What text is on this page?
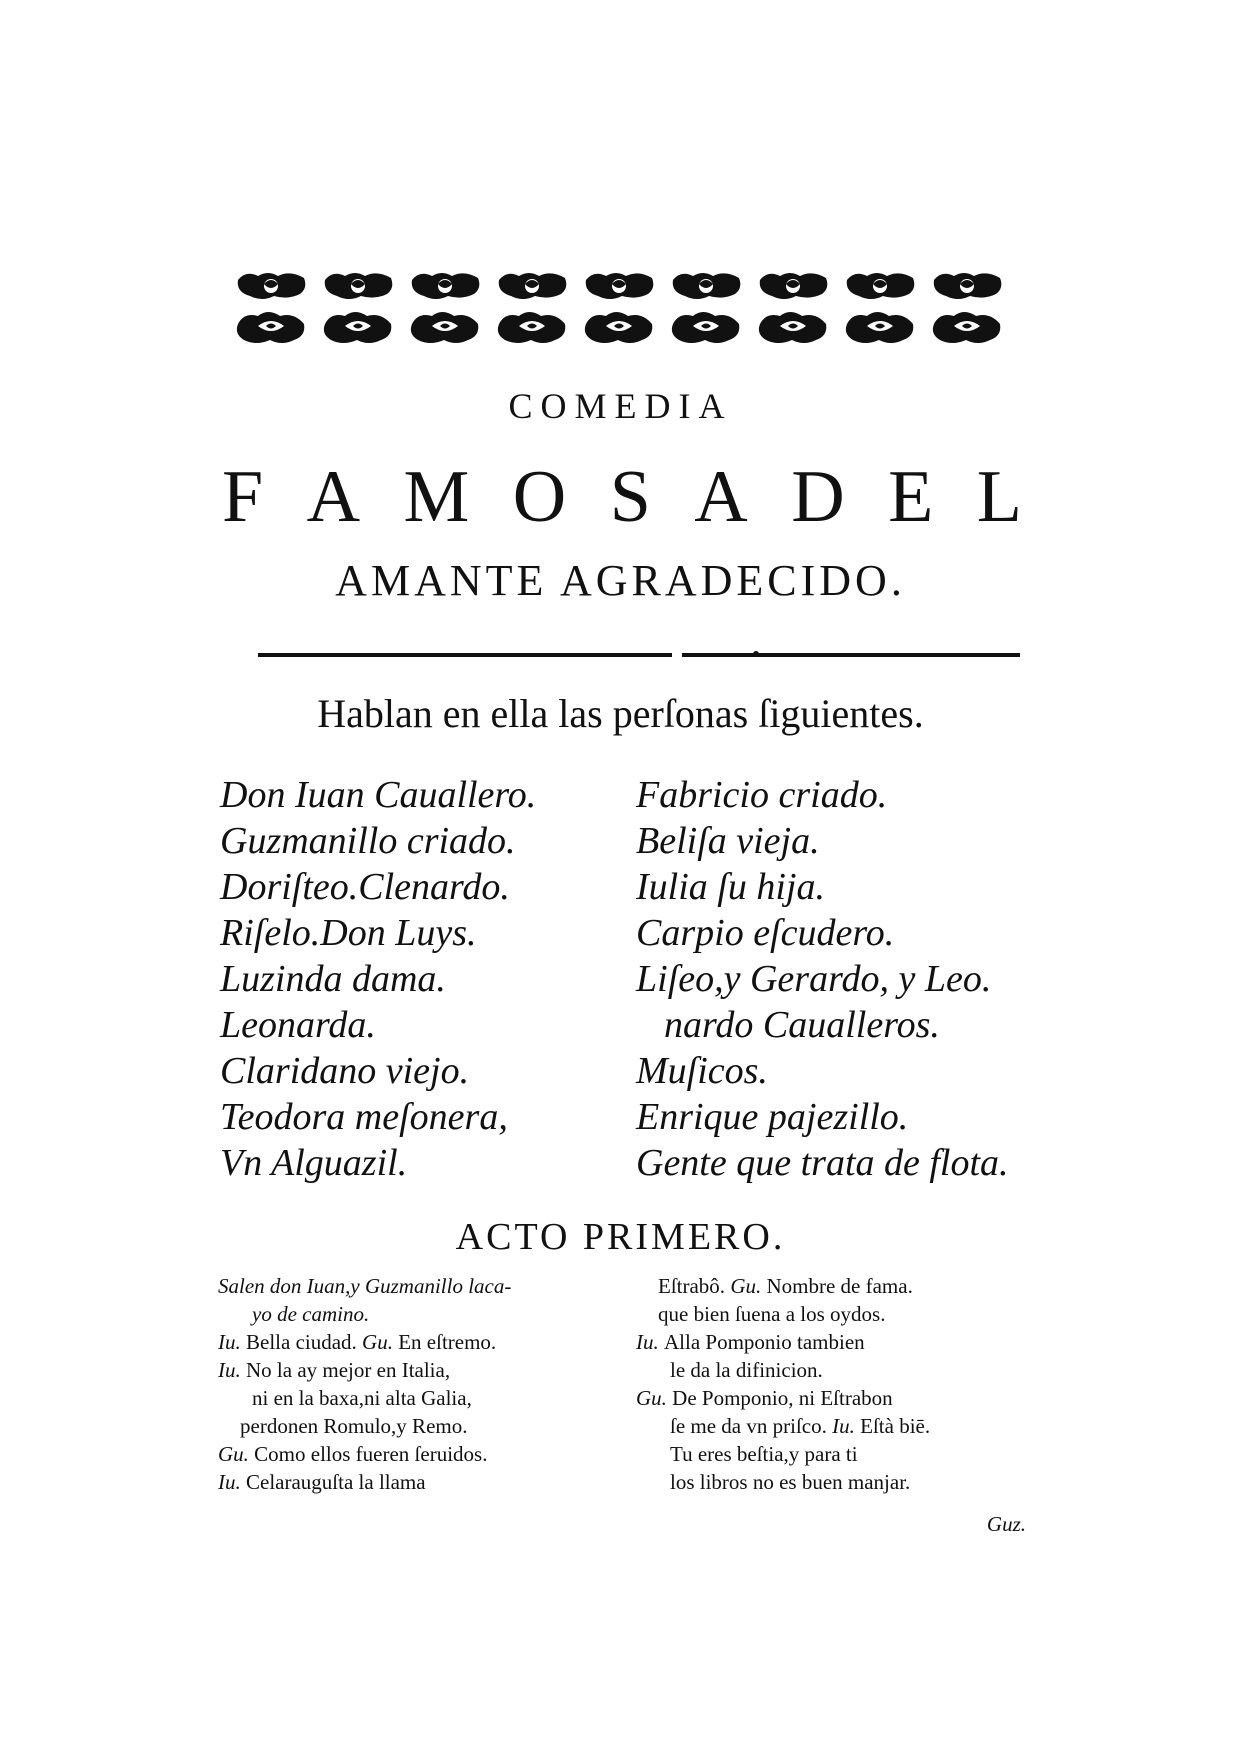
COMEDIA
F A M O S A D E L
AMANTE AGRADECIDO.
Hablan en ella las perſonas ſiguientes.
Don Iuan Cauallero.
Guzmanillo criado.
Doriſteo.Clenardo.
Riſelo.Don Luys.
Luzinda dama.
Leonarda.
Claridano viejo.
Teodora meſonera,
Vn Alguazil.
Fabricio criado.
Beliſa vieja.
Iulia ſu hija.
Carpio eſcudero.
Liſeo,y Gerardo, y Leo.
nardo Caualleros.
Muſicos.
Enrique pajezillo.
Gente que trata de flota.
ACTO PRIMERO.
Salen don Iuan,y Guzmanillo laca-
yo de camino.
Iu. Bella ciudad. Gu. En eſtremo.
Iu. No la ay mejor en Italia,
ni en la baxa,ni alta Galia,
perdonen Romulo,y Remo.
Gu. Como ellos fueren ſeruidos.
Iu. Celarauguſta la llama
Eſtrabô. Gu. Nombre de fama.
que bien ſuena a los oydos.
Iu. Alla Pomponio tambien
le da la difinicion.
Gu. De Pomponio, ni Eſtrabon
ſe me da vn priſco. Iu. Eſtà biē.
Tu eres beſtia,y para ti
los libros no es buen manjar.
Guz.
